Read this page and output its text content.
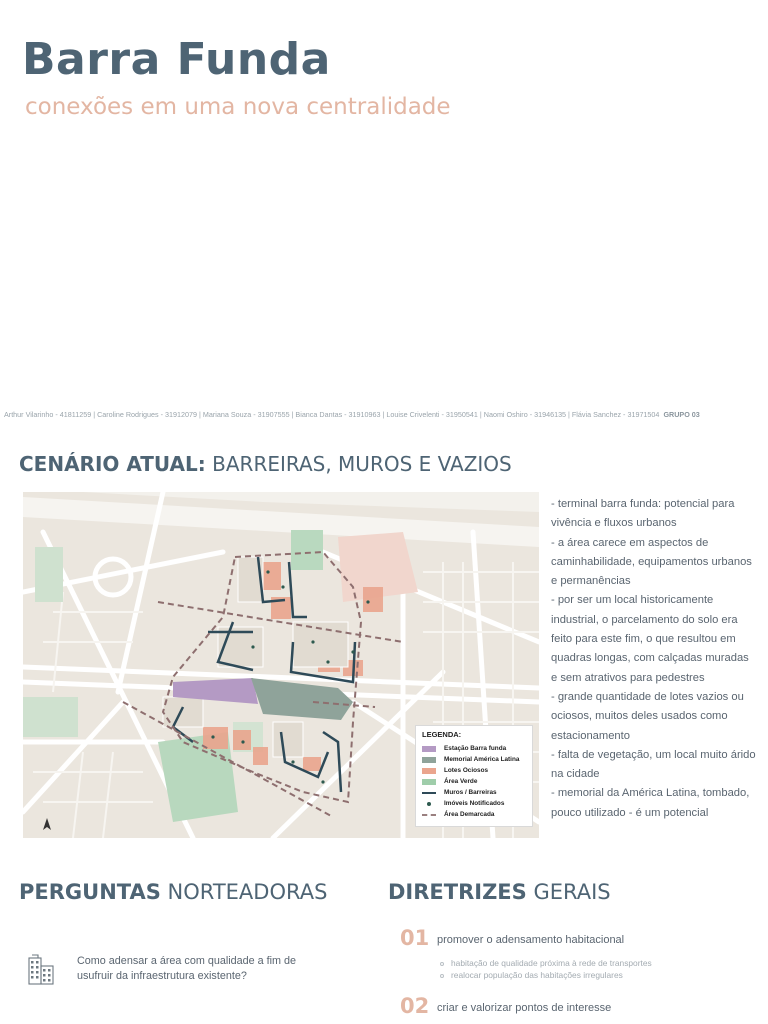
Barra Funda
conexões em uma nova centralidade
Arthur Vilarinho - 41811259 | Caroline Rodrigues - 31912079 | Mariana Souza - 31907555 | Bianca Dantas - 31910963 | Louise Crivelenti - 31950541 | Naomi Oshiro - 31946135 | Flávia Sanchez - 31971504 GRUPO 03
CENÁRIO ATUAL: BARREIRAS, MUROS E VAZIOS
LEGENDA:
Estação Barra funda
Memorial América Latina
Lotes Ociosos
Área Verde
Muros / Barreiras
Imóveis Notificados
Área Demarcada
- terminal barra funda: potencial para vivência e fluxos urbanos
- a área carece em aspectos de caminhabilidade, equipamentos urbanos e permanências
- por ser um local historicamente industrial, o parcelamento do solo era feito para este fim, o que resultou em quadras longas, com calçadas muradas e sem atrativos para pedestres
- grande quantidade de lotes vazios ou ociosos, muitos deles usados como estacionamento
- falta de vegetação, um local muito árido na cidade
- memorial da América Latina, tombado, pouco utilizado - é um potencial
PERGUNTAS NORTEADORAS	DIRETRIZES GERAIS
Como adensar a área com qualidade a fim de usufruir da infraestrutura existente?
01 promover o adensamento habitacional
habitação de qualidade próxima à rede de transportes
realocar população das habitações irregulares
02 criar e valorizar pontos de interesse
